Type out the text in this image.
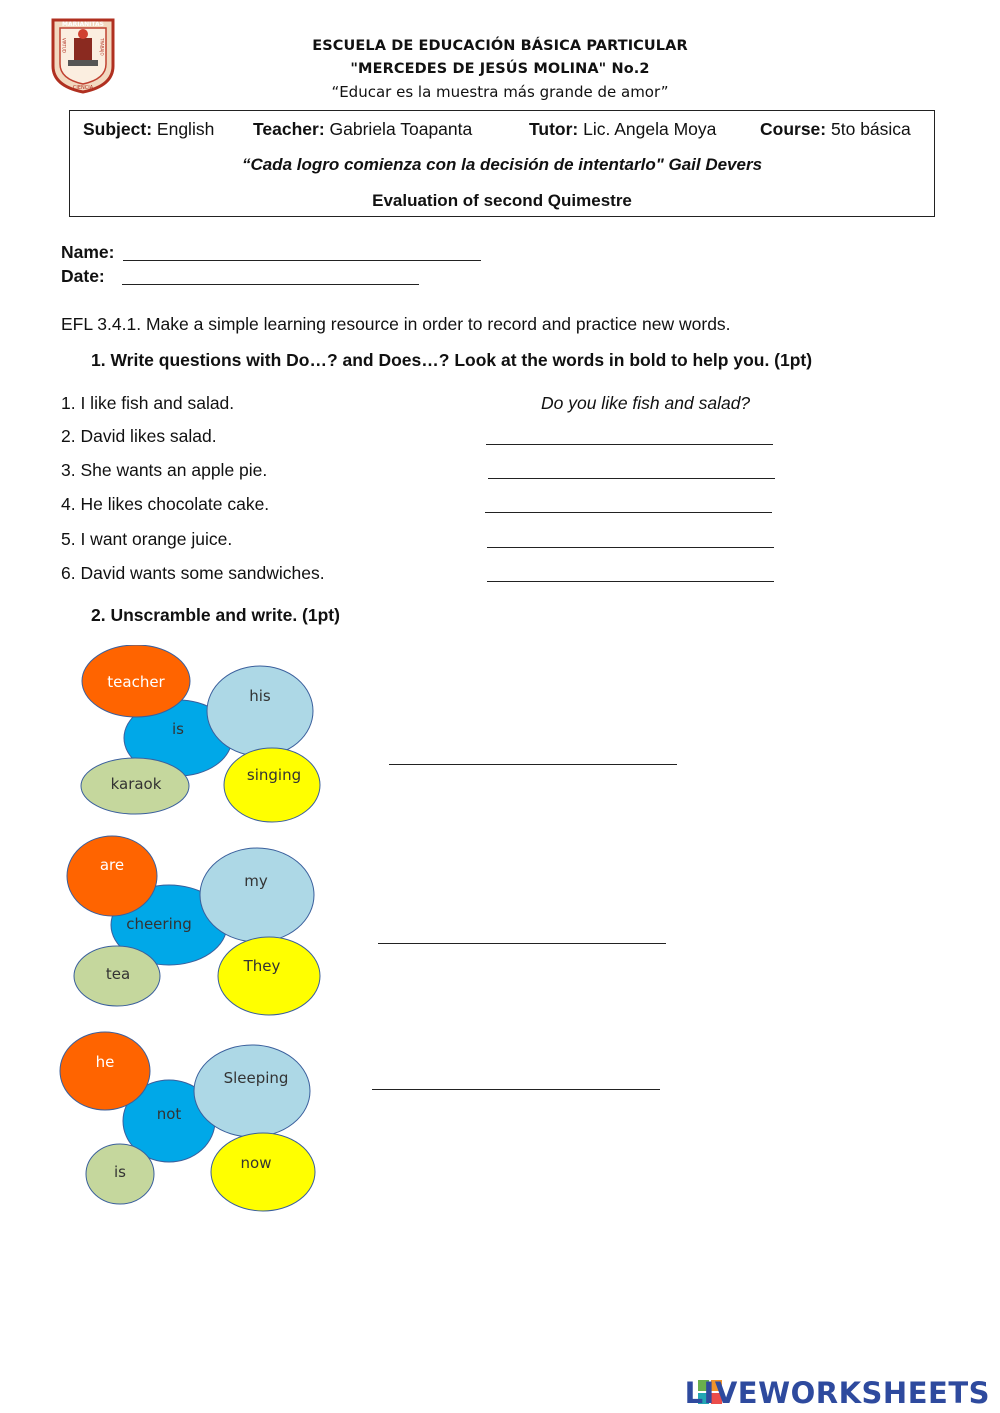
MARIANITAS
CIENCIA
VIRTUD	TRABAJO	ESCUELA DE EDUCACIÓN BÁSICA PARTICULAR
"MERCEDES DE JESÚS MOLINA" No.2
“Educar es la muestra más grande de amor”
Subject: English Teacher: Gabriela Toapanta	Tutor: Lic. Angela Moya Course: 5to básica
“Cada logro comienza con la decisión de intentarlo" Gail Devers
Evaluation of second Quimestre
Name:
Date:
EFL 3.4.1. Make a simple learning resource in order to record and practice new words.
1. Write questions with Do…? and Does…? Look at the words in bold to help you. (1pt)
1. I like fish and salad.	Do you like fish and salad?
2. David likes salad.
3. She wants an apple pie.
4. He likes chocolate cake.
5. I want orange juice.
6. David wants some sandwiches.
2. Unscramble and write. (1pt)
teacher
is
his
karaok	singing
are
cheering
my
tea	They
he
not
Sleeping
is	now
LIVEWORKSHEETS
